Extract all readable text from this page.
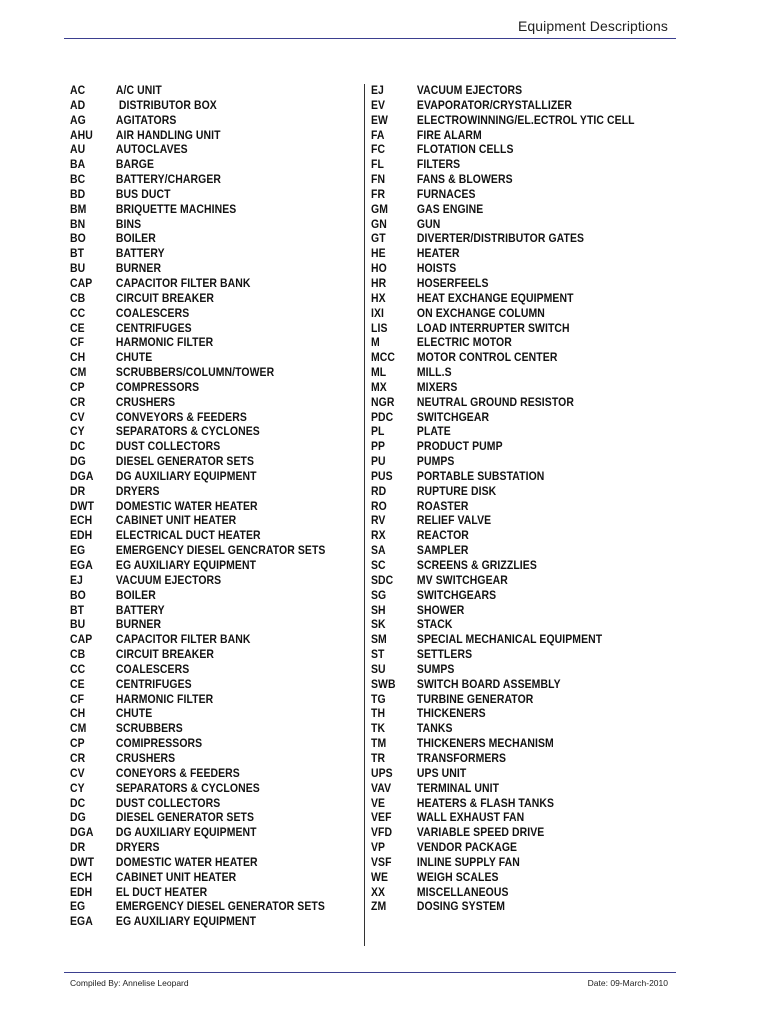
Equipment Descriptions
AC	A/C UNIT
AD	DISTRIBUTOR BOX
AG	AGITATORS
AHU	AIR HANDLING UNIT
AU	AUTOCLAVES
BA	BARGE
BC	BATTERY/CHARGER
BD	BUS DUCT
BM	BRIQUETTE MACHINES
BN	BINS
BO	BOILER
BT	BATTERY
BU	BURNER
CAP	CAPACITOR FILTER BANK
CB	CIRCUIT BREAKER
CC	COALESCERS
CE	CENTRIFUGES
CF	HARMONIC FILTER
CH	CHUTE
CM	SCRUBBERS/COLUMN/TOWER
CP	COMPRESSORS
CR	CRUSHERS
CV	CONVEYORS & FEEDERS
CY	SEPARATORS & CYCLONES
DC	DUST COLLECTORS
DG	DIESEL GENERATOR SETS
DGA	DG AUXILIARY EQUIPMENT
DR	DRYERS
DWT	DOMESTIC WATER HEATER
ECH	CABINET UNIT HEATER
EDH	ELECTRICAL DUCT HEATER
EG	EMERGENCY DIESEL GENCRATOR SETS
EGA	EG AUXILIARY EQUIPMENT
EJ	VACUUM EJECTORS
BO	BOILER
BT	BATTERY
BU	BURNER
CAP	CAPACITOR FILTER BANK
CB	CIRCUIT BREAKER
CC	COALESCERS
CE	CENTRIFUGES
CF	HARMONIC FILTER
CH	CHUTE
CM	SCRUBBERS
CP	COMIPRESSORS
CR	CRUSHERS
CV	CONEYORS & FEEDERS
CY	SEPARATORS & CYCLONES
DC	DUST COLLECTORS
DG	DIESEL GENERATOR SETS
DGA	DG AUXILIARY EQUIPMENT
DR	DRYERS
DWT	DOMESTIC WATER HEATER
ECH	CABINET UNIT HEATER
EDH	EL DUCT HEATER
EG	EMERGENCY DIESEL GENERATOR SETS
EGA	EG AUXILIARY EQUIPMENT
EJ	VACUUM EJECTORS
EV	EVAPORATOR/CRYSTALLIZER
EW	ELECTROWINNING/EL.ECTROL YTIC CELL
FA	FIRE ALARM
FC	FLOTATION CELLS
FL	FILTERS
FN	FANS & BLOWERS
FR	FURNACES
GM	GAS ENGINE
GN	GUN
GT	DIVERTER/DISTRIBUTOR GATES
HE	HEATER
HO	HOISTS
HR	HOSERFEELS
HX	HEAT EXCHANGE EQUIPMENT
IXI	ON EXCHANGE COLUMN
LIS	LOAD INTERRUPTER SWITCH
M	ELECTRIC MOTOR
MCC	MOTOR CONTROL CENTER
ML	MILL.S
MX	MIXERS
NGR	NEUTRAL GROUND RESISTOR
PDC	SWITCHGEAR
PL	PLATE
PP	PRODUCT PUMP
PU	PUMPS
PUS	PORTABLE SUBSTATION
RD	RUPTURE DISK
RO	ROASTER
RV	RELIEF VALVE
RX	REACTOR
SA	SAMPLER
SC	SCREENS & GRIZZLIES
SDC	MV SWITCHGEAR
SG	SWITCHGEARS
SH	SHOWER
SK	STACK
SM	SPECIAL MECHANICAL EQUIPMENT
ST	SETTLERS
SU	SUMPS
SWB	SWITCH BOARD ASSEMBLY
TG	TURBINE GENERATOR
TH	THICKENERS
TK	TANKS
TM	THICKENERS MECHANISM
TR	TRANSFORMERS
UPS	UPS UNIT
VAV	TERMINAL UNIT
VE	HEATERS & FLASH TANKS
VEF	WALL EXHAUST FAN
VFD	VARIABLE SPEED DRIVE
VP	VENDOR PACKAGE
VSF	INLINE SUPPLY FAN
WE	WEIGH SCALES
XX	MISCELLANEOUS
ZM	DOSING SYSTEM
Compiled By: Annelise Leopard	Date: 09-March-2010
